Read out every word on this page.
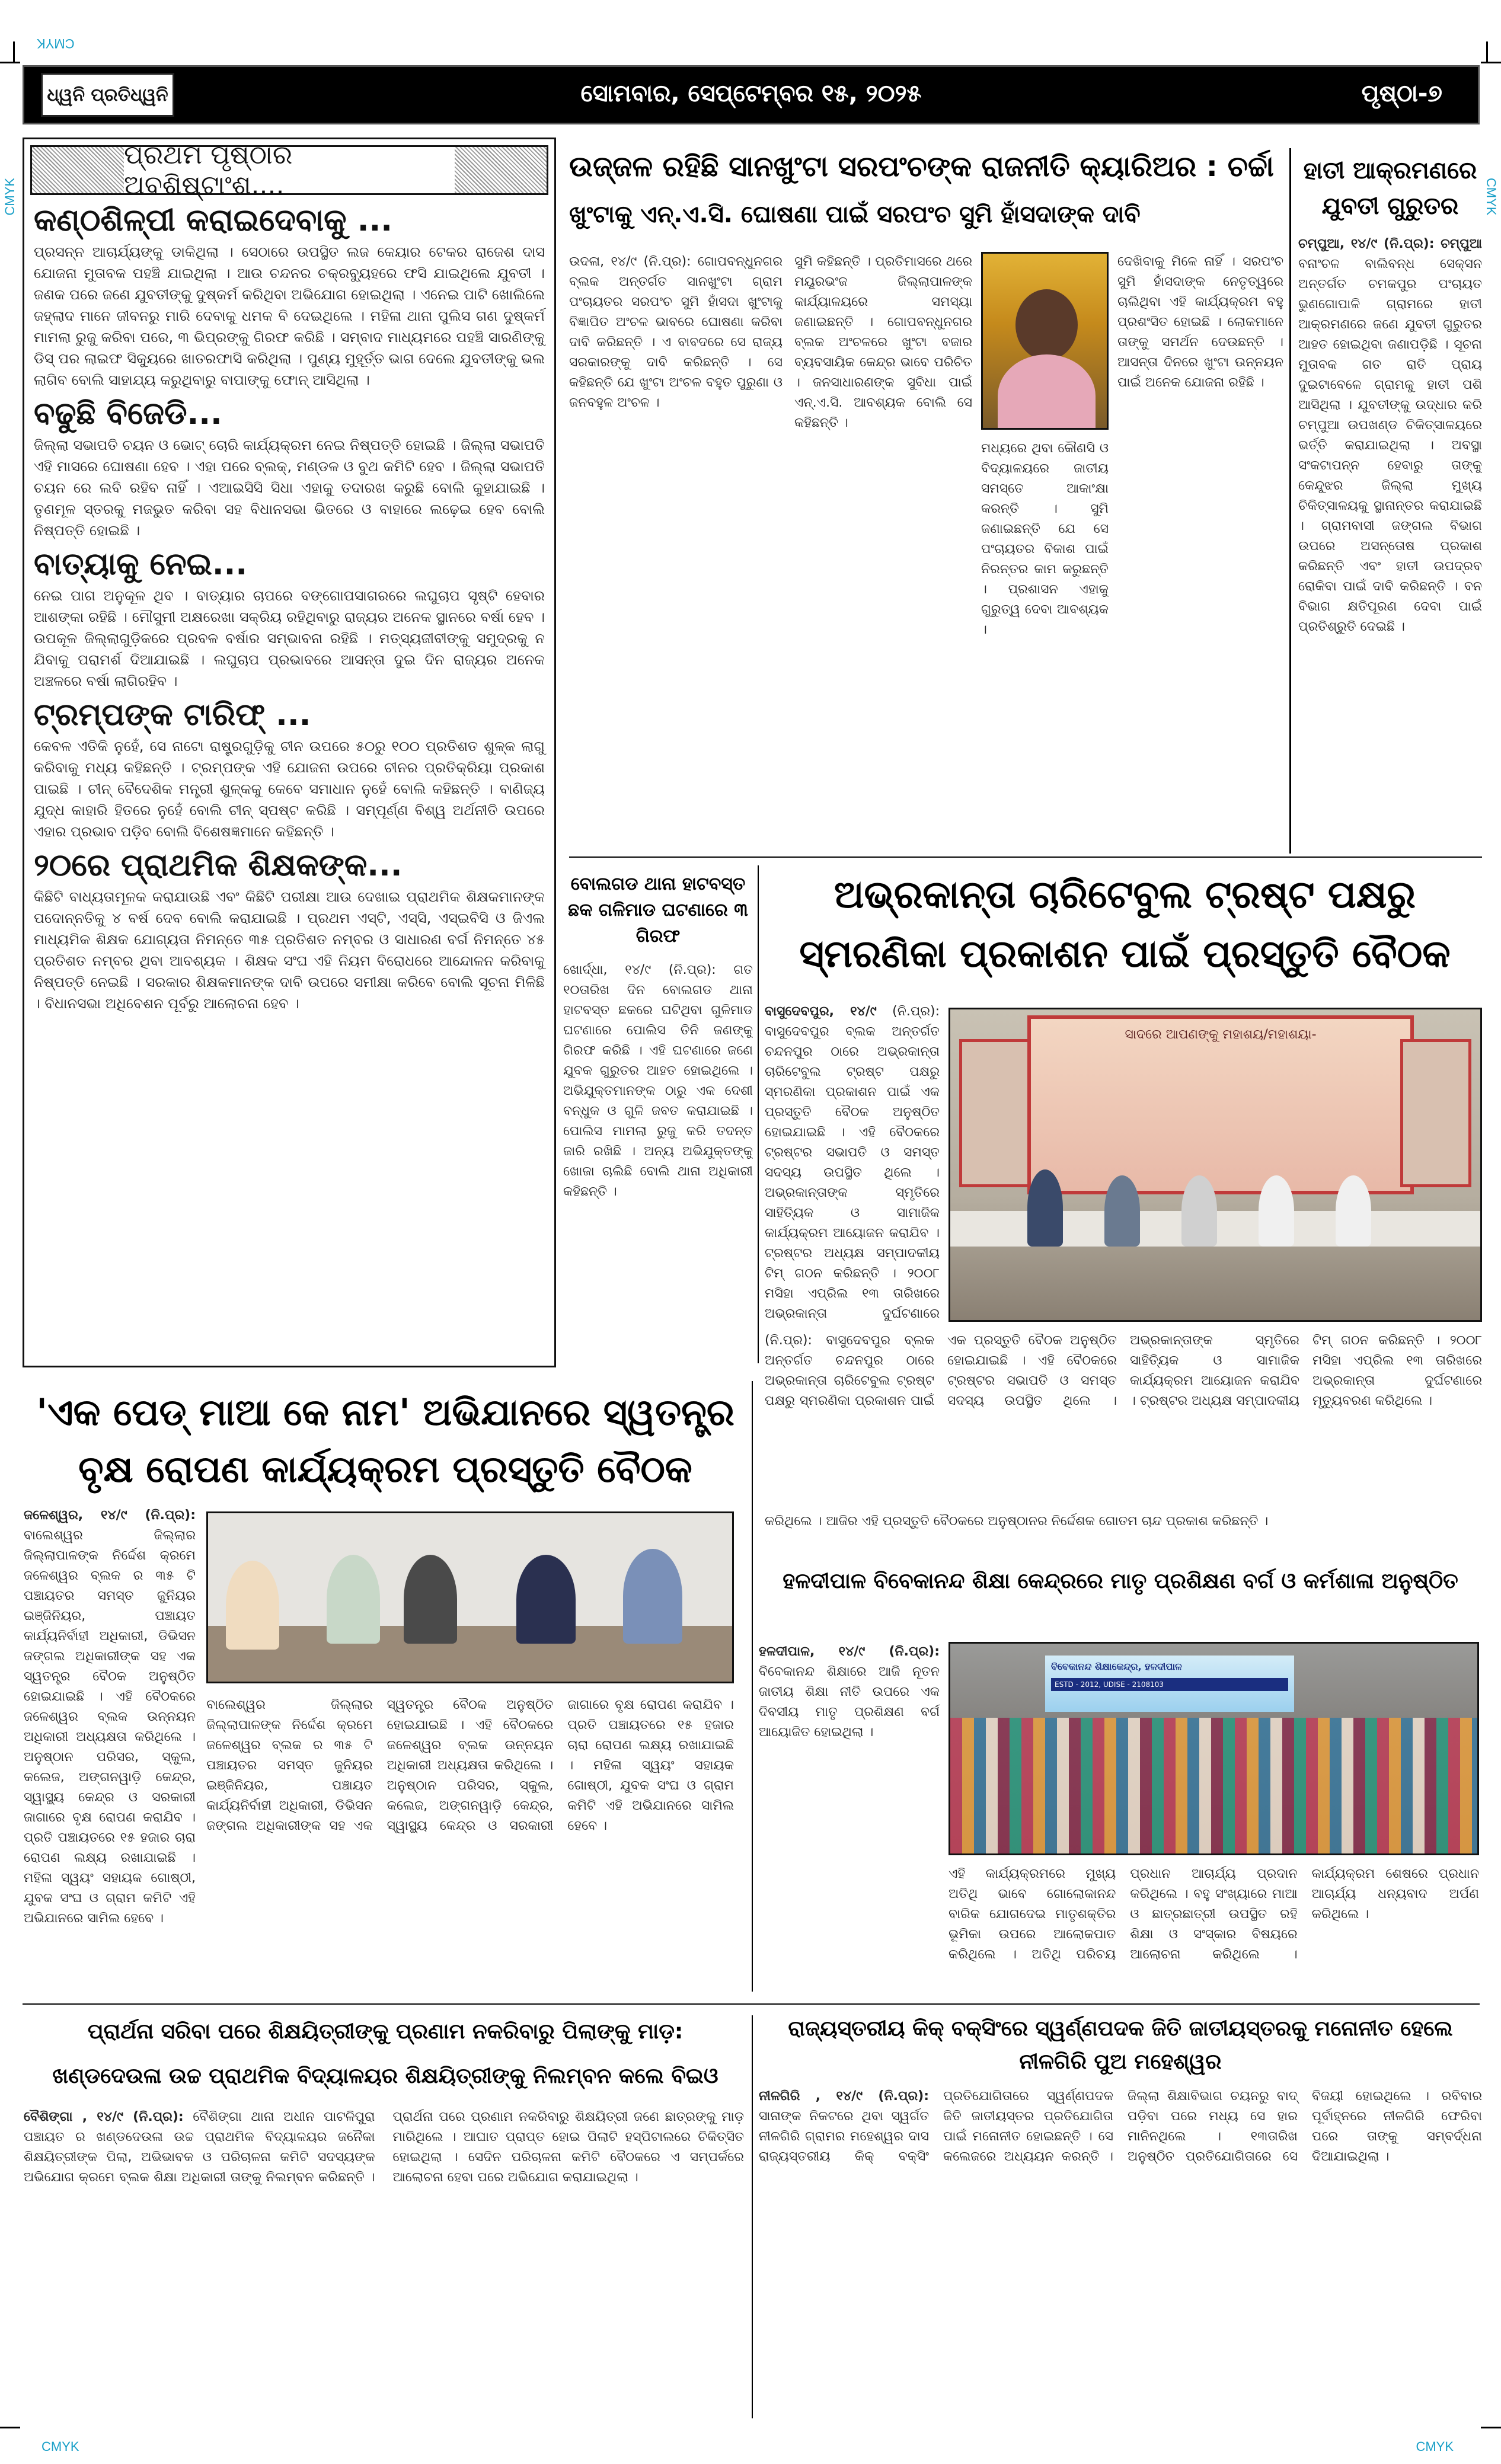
CMYK
CMYK
CMYK
CMYK
CMYK
ଧ୍ୱନି ପ୍ରତିଧ୍ୱନି	ସୋମବାର, ସେପ୍ଟେମ୍ବର ୧୫, ୨୦୨୫	ପୃଷ୍ଠା-୭
ପ୍ରଥମ ପୃଷ୍ଠାର ଅବଶିଷ୍ଟାଂଶ....
କଣ୍ଠଶିଳ୍ପୀ କରାଇଦେବାକୁ ...
ପ୍ରସନ୍ନ ଆଚାର୍ଯ୍ୟଙ୍କୁ ଡାକିଥିଲା । ସେଠାରେ ଉପସ୍ଥିତ ଲଜ କେୟାର ଟେକର ରାଜେଶ ଦାସ ଯୋଜନା ମୁତାବକ ପହଞ୍ଚି ଯାଇଥିଲା । ଆଉ ଚନ୍ଦନର ଚକ୍ରବ୍ୟୁହରେ ଫସି ଯାଇଥିଲେ ଯୁବତୀ । ଜଣକ ପରେ ଜଣେ ଯୁବତୀଙ୍କୁ ଦୁଷ୍କର୍ମ କରିଥିବା ଅଭିଯୋଗ ହୋଇଥିଲା । ଏନେଇ ପାଟି ଖୋଲିଲେ ଜହ୍ଲାଦ ମାନେ ଜୀବନରୁ ମାରି ଦେବାକୁ ଧମକ ବି ଦେଇଥିଲେ । ମହିଳା ଥାନା ପୁଲିସ ଗଣ ଦୁଷ୍କର୍ମ ମାମଲା ରୁଜୁ କରିବା ପରେ, ୩ ଭିପ୍ରଙ୍କୁ ଗିରଫ କରିଛି । ସମ୍ବାଦ ମାଧ୍ୟମରେ ପହଞ୍ଚି ସାରଣିଙ୍କୁ ଡିସ୍ ପର ଲାଇଫ ସିକ୍ୟୁରେ ଖାତରଫାସି କରିଥିଲା । ପୁଣ୍ୟ ମୁହୂର୍ତ୍ତ ଭାଗ ଦେଲେ ଯୁବତୀଙ୍କୁ ଭଲ ଲାଗିବ ବୋଲି ସାହାଯ୍ୟ କରୁଥିବାରୁ ବାପାଙ୍କୁ ଫୋନ୍ ଆସିଥିଲା ।
ବଢୁଛି ବିଜେଡି...
ଜିଲ୍ଲା ସଭାପତି ଚୟନ ଓ ଭୋଟ୍ ଚୋରି କାର୍ଯ୍ୟକ୍ରମ ନେଇ ନିଷ୍ପତ୍ତି ହୋଇଛି । ଜିଲ୍ଲା ସଭାପତି ଏହି ମାସରେ ଘୋଷଣା ହେବ । ଏହା ପରେ ବ୍ଲକ୍, ମଣ୍ଡଳ ଓ ବୁଥ କମିଟି ହେବ । ଜିଲ୍ଲା ସଭାପତି ଚୟନ ରେ ଲବି ରହିବ ନାହିଁ । ଏଆଇସିସି ସିଧା ଏହାକୁ ତଦାରଖ କରୁଛି ବୋଲି କୁହାଯାଇଛି । ତୃଣମୂଳ ସ୍ତରକୁ ମଜଭୁତ କରିବା ସହ ବିଧାନସଭା ଭିତରେ ଓ ବାହାରେ ଲଢ଼େଇ ହେବ ବୋଲି ନିଷ୍ପତ୍ତି ହୋଇଛି ।
ବାତ୍ୟାକୁ ନେଇ...
ନେଇ ପାଗ ଅନୁକୂଳ ଥିବ । ବାତ୍ୟାର ଚାପରେ ବଙ୍ଗୋପସାଗରରେ ଲଘୁଚାପ ସୃଷ୍ଟି ହେବାର ଆଶଙ୍କା ରହିଛି । ମୌସୁମୀ ଅକ୍ଷରେଖା ସକ୍ରିୟ ରହିଥିବାରୁ ରାଜ୍ୟର ଅନେକ ସ୍ଥାନରେ ବର୍ଷା ହେବ । ଉପକୂଳ ଜିଲ୍ଲାଗୁଡ଼ିକରେ ପ୍ରବଳ ବର୍ଷାର ସମ୍ଭାବନା ରହିଛି । ମତ୍ସ୍ୟଜୀବୀଙ୍କୁ ସମୁଦ୍ରକୁ ନ ଯିବାକୁ ପରାମର୍ଶ ଦିଆଯାଇଛି । ଲଘୁଚାପ ପ୍ରଭାବରେ ଆସନ୍ତା ଦୁଇ ଦିନ ରାଜ୍ୟର ଅନେକ ଅଞ୍ଚଳରେ ବର୍ଷା ଲାଗିରହିବ ।
ଟ୍ରମ୍ପଙ୍କ ଟାରିଫ୍ ...
କେବଳ ଏତିକି ନୁହେଁ, ସେ ନାଟୋ ରାଷ୍ଟ୍ରଗୁଡ଼ିକୁ ଚୀନ ଉପରେ ୫୦ରୁ ୧୦୦ ପ୍ରତିଶତ ଶୁଳ୍କ ଲାଗୁ କରିବାକୁ ମଧ୍ୟ କହିଛନ୍ତି । ଟ୍ରମ୍ପଙ୍କ ଏହି ଯୋଜନା ଉପରେ ଚୀନର ପ୍ରତିକ୍ରିୟା ପ୍ରକାଶ ପାଇଛି । ଚୀନ୍ ବୈଦେଶିକ ମନ୍ତ୍ରୀ ଶୁଳ୍କକୁ କେବେ ସମାଧାନ ନୁହେଁ ବୋଲି କହିଛନ୍ତି । ବାଣିଜ୍ୟ ଯୁଦ୍ଧ କାହାରି ହିତରେ ନୁହେଁ ବୋଲି ଚୀନ୍ ସ୍ପଷ୍ଟ କରିଛି । ସମ୍ପୂର୍ଣ୍ଣ ବିଶ୍ୱ ଅର୍ଥନୀତି ଉପରେ ଏହାର ପ୍ରଭାବ ପଡ଼ିବ ବୋଲି ବିଶେଷଜ୍ଞମାନେ କହିଛନ୍ତି ।
୨୦ରେ ପ୍ରାଥମିକ ଶିକ୍ଷକଙ୍କ...
କିଛିଟି ବାଧ୍ୟତାମୂଳକ କରାଯାଉଛି ଏବଂ କିଛିଟି ପରୀକ୍ଷା ଆଉ ଦେଖାଇ ପ୍ରାଥମିକ ଶିକ୍ଷକମାନଙ୍କ ପଦୋନ୍ନତିକୁ ୪ ବର୍ଷ ଦେବ ବୋଲି କରାଯାଇଛି । ପ୍ରଥମ ଏସ୍‌ଟି, ଏସ୍‌ସି, ଏସ୍‌ଇବିସି ଓ ଜିଏଲ ମାଧ୍ୟମିକ ଶିକ୍ଷକ ଯୋଗ୍ୟତା ନିମନ୍ତେ ୩୫ ପ୍ରତିଶତ ନମ୍ବର ଓ ସାଧାରଣ ବର୍ଗ ନିମନ୍ତେ ୪୫ ପ୍ରତିଶତ ନମ୍ବର ଥିବା ଆବଶ୍ୟକ । ଶିକ୍ଷକ ସଂଘ ଏହି ନିୟମ ବିରୋଧରେ ଆନ୍ଦୋଳନ କରିବାକୁ ନିଷ୍ପତ୍ତି ନେଇଛି । ସରକାର ଶିକ୍ଷକମାନଙ୍କ ଦାବି ଉପରେ ସମୀକ୍ଷା କରିବେ ବୋଲି ସୂଚନା ମିଳିଛି । ବିଧାନସଭା ଅଧିବେଶନ ପୂର୍ବରୁ ଆଲୋଚନା ହେବ ।
ଉଜ୍ଜଳ ରହିଛି ସାନଖୁଂଟା ସରପଂଚଙ୍କ ରାଜନୀତି କ୍ୟାରିଅର : ଚର୍ଚ୍ଚା
ଖୁଂଟାକୁ ଏନ୍.ଏ.ସି. ଘୋଷଣା ପାଇଁ ସରପଂଚ ସୁମି ହାଁସଦାଙ୍କ ଦାବି
ଉଦଳା, ୧୪/୯ (ନି.ପ୍ର): ଗୋପବନ୍ଧୁନଗର ବ୍ଲକ ଅନ୍ତର୍ଗତ ସାନଖୁଂଟା ଗ୍ରାମ ପଂଚାୟତର ସରପଂଚ ସୁମି ହାଁସଦା ଖୁଂଟାକୁ ବିଜ୍ଞାପିତ ଅଂଚଳ ଭାବରେ ଘୋଷଣା କରିବା ଦାବି କରିଛନ୍ତି । ଏ ବାବଦରେ ସେ ରାଜ୍ୟ ସରକାରଙ୍କୁ ଦାବି କରିଛନ୍ତି । ସେ କହିଛନ୍ତି ଯେ ଖୁଂଟା ଅଂଚଳ ବହୁତ ପୁରୁଣା ଓ ଜନବହୁଳ ଅଂଚଳ ।
ସୁମି କହିଛନ୍ତି । ପ୍ରତିମାସରେ ଥରେ ମୟୂରଭଂଜ ଜିଲ୍ଲାପାଳଙ୍କ କାର୍ଯ୍ୟାଳୟରେ ସମସ୍ୟା ଜଣାଇଛନ୍ତି । ଗୋପବନ୍ଧୁନଗର ବ୍ଲକ ଅଂଚଳରେ ଖୁଂଟା ବଜାର ବ୍ୟବସାୟିକ କେନ୍ଦ୍ର ଭାବେ ପରିଚିତ । ଜନସାଧାରଣଙ୍କ ସୁବିଧା ପାଇଁ ଏନ୍.ଏ.ସି. ଆବଶ୍ୟକ ବୋଲି ସେ କହିଛନ୍ତି ।
ମଧ୍ୟରେ ଥିବା କୌଣସି ଓ ବିଦ୍ୟାଳୟରେ ଜାତୀୟ ସମସ୍ତେ ଆକାଂକ୍ଷା କରନ୍ତି । ସୁମି ଜଣାଇଛନ୍ତି ଯେ ସେ ପଂଚାୟତର ବିକାଶ ପାଇଁ ନିରନ୍ତର କାମ କରୁଛନ୍ତି । ପ୍ରଶାସନ ଏହାକୁ ଗୁରୁତ୍ୱ ଦେବା ଆବଶ୍ୟକ ।
ଦେଖିବାକୁ ମିଳେ ନାହିଁ । ସରପଂଚ ସୁମି ହାଁସଦାଙ୍କ ନେତୃତ୍ୱରେ ଚାଲିଥିବା ଏହି କାର୍ଯ୍ୟକ୍ରମ ବହୁ ପ୍ରଶଂସିତ ହୋଇଛି । ଲୋକମାନେ ତାଙ୍କୁ ସମର୍ଥନ ଦେଉଛନ୍ତି । ଆସନ୍ତା ଦିନରେ ଖୁଂଟା ଉନ୍ନୟନ ପାଇଁ ଅନେକ ଯୋଜନା ରହିଛି ।
ହାତୀ ଆକ୍ରମଣରେ ଯୁବତୀ ଗୁରୁତର
ଚମ୍ପୁଆ, ୧୪/୯ (ନି.ପ୍ର): ଚମ୍ପୁଆ ବନାଂଚଳ ବାଲିବନ୍ଧ ସେକ୍ସନ ଅନ୍ତର୍ଗତ ଚମକପୁର ପଂଚାୟତ ଭୁଣଗୋପାଳି ଗ୍ରାମରେ ହାତୀ ଆକ୍ରମଣରେ ଜଣେ ଯୁବତୀ ଗୁରୁତର ଆହତ ହୋଇଥିବା ଜଣାପଡ଼ିଛି । ସୂଚନା ମୁତାବକ ଗତ ରାତି ପ୍ରାୟ ଦୁଇଟାବେଳେ ଗ୍ରାମକୁ ହାତୀ ପଶି ଆସିଥିଲା । ଯୁବତୀଙ୍କୁ ଉଦ୍ଧାର କରି ଚମ୍ପୁଆ ଉପଖଣ୍ଡ ଚିକିତ୍ସାଳୟରେ ଭର୍ତ୍ତି କରାଯାଇଥିଲା । ଅବସ୍ଥା ସଂକଟାପନ୍ନ ହେବାରୁ ତାଙ୍କୁ କେନ୍ଦୁଝର ଜିଲ୍ଲା ମୁଖ୍ୟ ଚିକିତ୍ସାଳୟକୁ ସ୍ଥାନାନ୍ତର କରାଯାଇଛି । ଗ୍ରାମବାସୀ ଜଙ୍ଗଲ ବିଭାଗ ଉପରେ ଅସନ୍ତୋଷ ପ୍ରକାଶ କରିଛନ୍ତି ଏବଂ ହାତୀ ଉପଦ୍ରବ ରୋକିବା ପାଇଁ ଦାବି କରିଛନ୍ତି । ବନ ବିଭାଗ କ୍ଷତିପୂରଣ ଦେବା ପାଇଁ ପ୍ରତିଶ୍ରୁତି ଦେଇଛି ।
ବୋଲଗଡ ଥାନା ହାଟବସ୍ତ ଛକ ଗଳିମାଡ ଘଟଣାରେ ୩ ଗିରଫ
ଖୋର୍ଦ୍ଧା, ୧୪/୯ (ନି.ପ୍ର): ଗତ ୧୦ତାରିଖ ଦିନ ବୋଲଗଡ ଥାନା ହାଟବସ୍ତ ଛକରେ ଘଟିଥିବା ଗୁଳିମାଡ ଘଟଣାରେ ପୋଲିସ ତିନି ଜଣଙ୍କୁ ଗିରଫ କରିଛି । ଏହି ଘଟଣାରେ ଜଣେ ଯୁବକ ଗୁରୁତର ଆହତ ହୋଇଥିଲେ । ଅଭିଯୁକ୍ତମାନଙ୍କ ଠାରୁ ଏକ ଦେଶୀ ବନ୍ଧୁକ ଓ ଗୁଳି ଜବତ କରାଯାଇଛି । ପୋଲିସ ମାମଲା ରୁଜୁ କରି ତଦନ୍ତ ଜାରି ରଖିଛି । ଅନ୍ୟ ଅଭିଯୁକ୍ତଙ୍କୁ ଖୋଜା ଚାଲିଛି ବୋଲି ଥାନା ଅଧିକାରୀ କହିଛନ୍ତି ।
ଅଭ୍ରକାନ୍ତା ଚାରିଟେବୁଲ ଟ୍ରଷ୍ଟ ପକ୍ଷରୁ ସ୍ମରଣିକା ପ୍ରକାଶନ ପାଇଁ ପ୍ରସ୍ତୁତି ବୈଠକ
ବାସୁଦେବପୁର, ୧୪/୯ (ନି.ପ୍ର): ବାସୁଦେବପୁର ବ୍ଲକ ଅନ୍ତର୍ଗତ ଚନ୍ଦନପୁର ଠାରେ ଅଭ୍ରକାନ୍ତା ଚାରିଟେବୁଲ ଟ୍ରଷ୍ଟ ପକ୍ଷରୁ ସ୍ମରଣିକା ପ୍ରକାଶନ ପାଇଁ ଏକ ପ୍ରସ୍ତୁତି ବୈଠକ ଅନୁଷ୍ଠିତ ହୋଇଯାଇଛି । ଏହି ବୈଠକରେ ଟ୍ରଷ୍ଟର ସଭାପତି ଓ ସମସ୍ତ ସଦସ୍ୟ ଉପସ୍ଥିତ ଥିଲେ । ଅଭ୍ରକାନ୍ତାଙ୍କ ସ୍ମୃତିରେ ସାହିତ୍ୟିକ ଓ ସାମାଜିକ କାର୍ଯ୍ୟକ୍ରମ ଆୟୋଜନ କରାଯିବ । ଟ୍ରଷ୍ଟର ଅଧ୍ୟକ୍ଷ ସମ୍ପାଦକୀୟ ଟିମ୍ ଗଠନ କରିଛନ୍ତି । ୨୦୦୮ ମସିହା ଏପ୍ରିଲ ୧୩ ତାରିଖରେ ଅଭ୍ରକାନ୍ତା ଦୁର୍ଘଟଣାରେ
ସାଦରେ ଆପଣଙ୍କୁ ମହାଶୟ/ମହାଶୟା-
(ନି.ପ୍ର): ବାସୁଦେବପୁର ବ୍ଲକ ଅନ୍ତର୍ଗତ ଚନ୍ଦନପୁର ଠାରେ ଅଭ୍ରକାନ୍ତା ଚାରିଟେବୁଲ ଟ୍ରଷ୍ଟ ପକ୍ଷରୁ ସ୍ମରଣିକା ପ୍ରକାଶନ ପାଇଁ ଏକ ପ୍ରସ୍ତୁତି ବୈଠକ ଅନୁଷ୍ଠିତ ହୋଇଯାଇଛି । ଏହି ବୈଠକରେ ଟ୍ରଷ୍ଟର ସଭାପତି ଓ ସମସ୍ତ ସଦସ୍ୟ ଉପସ୍ଥିତ ଥିଲେ । ଅଭ୍ରକାନ୍ତାଙ୍କ ସ୍ମୃତିରେ ସାହିତ୍ୟିକ ଓ ସାମାଜିକ କାର୍ଯ୍ୟକ୍ରମ ଆୟୋଜନ କରାଯିବ । ଟ୍ରଷ୍ଟର ଅଧ୍ୟକ୍ଷ ସମ୍ପାଦକୀୟ ଟିମ୍ ଗଠନ କରିଛନ୍ତି । ୨୦୦୮ ମସିହା ଏପ୍ରିଲ ୧୩ ତାରିଖରେ ଅଭ୍ରକାନ୍ତା ଦୁର୍ଘଟଣାରେ ମୃତ୍ୟୁବରଣ କରିଥିଲେ ।
କରିଥିଲେ । ଆଜିର ଏହି ପ୍ରସ୍ତୁତି ବୈଠକରେ ଅନୁଷ୍ଠାନର ନିର୍ଦ୍ଦେଶକ ଗୋତମ ଚାନ୍ଦ ପ୍ରକାଶ କରିଛନ୍ତି ।
'ଏକ ପେଡ୍ ମାଆ କେ ନାମ' ଅଭିଯାନରେ ସ୍ୱତନ୍ତ୍ର ବୃକ୍ଷ ରୋପଣ କାର୍ଯ୍ୟକ୍ରମ ପ୍ରସ୍ତୁତି ବୈଠକ
ଜଳେଶ୍ୱର, ୧୪/୯ (ନି.ପ୍ର): ବାଲେଶ୍ୱର ଜିଲ୍ଲାର ଜିଲ୍ଲାପାଳଙ୍କ ନିର୍ଦ୍ଦେଶ କ୍ରମେ ଜଳେଶ୍ୱର ବ୍ଲକ ର ୩୫ ଟି ପଞ୍ଚାୟତର ସମସ୍ତ ଜୁନିୟର ଇଞ୍ଜିନିୟର, ପଞ୍ଚାୟତ କାର୍ଯ୍ୟନିର୍ବାହୀ ଅଧିକାରୀ, ଡିଭିସନ ଜଙ୍ଗଲ ଅଧିକାରୀଙ୍କ ସହ ଏକ ସ୍ୱତନ୍ତ୍ର ବୈଠକ ଅନୁଷ୍ଠିତ ହୋଇଯାଇଛି । ଏହି ବୈଠକରେ ଜଳେଶ୍ୱର ବ୍ଲକ ଉନ୍ନୟନ ଅଧିକାରୀ ଅଧ୍ୟକ୍ଷତା କରିଥିଲେ । ଅନୁଷ୍ଠାନ ପରିସର, ସ୍କୁଲ, କଲେଜ, ଅଙ୍ଗନୱାଡ଼ି କେନ୍ଦ୍ର, ସ୍ୱାସ୍ଥ୍ୟ କେନ୍ଦ୍ର ଓ ସରକାରୀ ଜାଗାରେ ବୃକ୍ଷ ରୋପଣ କରାଯିବ । ପ୍ରତି ପଞ୍ଚାୟତରେ ୧୫ ହଜାର ଚାରା ରୋପଣ ଲକ୍ଷ୍ୟ ରଖାଯାଇଛି । ମହିଳା ସ୍ୱୟଂ ସହାୟକ ଗୋଷ୍ଠୀ, ଯୁବକ ସଂଘ ଓ ଗ୍ରାମ କମିଟି ଏହି ଅଭିଯାନରେ ସାମିଲ ହେବେ ।
ବାଲେଶ୍ୱର ଜିଲ୍ଲାର ଜିଲ୍ଲାପାଳଙ୍କ ନିର୍ଦ୍ଦେଶ କ୍ରମେ ଜଳେଶ୍ୱର ବ୍ଲକ ର ୩୫ ଟି ପଞ୍ଚାୟତର ସମସ୍ତ ଜୁନିୟର ଇଞ୍ଜିନିୟର, ପଞ୍ଚାୟତ କାର୍ଯ୍ୟନିର୍ବାହୀ ଅଧିକାରୀ, ଡିଭିସନ ଜଙ୍ଗଲ ଅଧିକାରୀଙ୍କ ସହ ଏକ ସ୍ୱତନ୍ତ୍ର ବୈଠକ ଅନୁଷ୍ଠିତ ହୋଇଯାଇଛି । ଏହି ବୈଠକରେ ଜଳେଶ୍ୱର ବ୍ଲକ ଉନ୍ନୟନ ଅଧିକାରୀ ଅଧ୍ୟକ୍ଷତା କରିଥିଲେ । ଅନୁଷ୍ଠାନ ପରିସର, ସ୍କୁଲ, କଲେଜ, ଅଙ୍ଗନୱାଡ଼ି କେନ୍ଦ୍ର, ସ୍ୱାସ୍ଥ୍ୟ କେନ୍ଦ୍ର ଓ ସରକାରୀ ଜାଗାରେ ବୃକ୍ଷ ରୋପଣ କରାଯିବ । ପ୍ରତି ପଞ୍ଚାୟତରେ ୧୫ ହଜାର ଚାରା ରୋପଣ ଲକ୍ଷ୍ୟ ରଖାଯାଇଛି । ମହିଳା ସ୍ୱୟଂ ସହାୟକ ଗୋଷ୍ଠୀ, ଯୁବକ ସଂଘ ଓ ଗ୍ରାମ କମିଟି ଏହି ଅଭିଯାନରେ ସାମିଲ ହେବେ ।
ହଳଦୀପାଳ ବିବେକାନନ୍ଦ ଶିକ୍ଷା କେନ୍ଦ୍ରରେ ମାତୃ ପ୍ରଶିକ୍ଷଣ ବର୍ଗ ଓ କର୍ମଶାଳା ଅନୁଷ୍ଠିତ
ହଳଦୀପାଳ, ୧୪/୯ (ନି.ପ୍ର): ବିବେକାନନ୍ଦ ଶିକ୍ଷାରେ ଆଜି ନୂତନ ଜାତୀୟ ଶିକ୍ଷା ନୀତି ଉପରେ ଏକ ଦିବସୀୟ ମାତୃ ପ୍ରଶିକ୍ଷଣ ବର୍ଗ ଆୟୋଜିତ ହୋଇଥିଲା ।
ବିବେକାନନ୍ଦ ଶିକ୍ଷାକେନ୍ଦ୍ର, ହଳଦୀପାଳ
ESTD - 2012, UDISE - 2108103
ଏହି କାର୍ଯ୍ୟକ୍ରମରେ ମୁଖ୍ୟ ଅତିଥି ଭାବେ ଗୋଲୋକାନନ୍ଦ ବାରିକ ଯୋଗଦେଇ ମାତୃଶକ୍ତିର ଭୂମିକା ଉପରେ ଆଲୋକପାତ କରିଥିଲେ । ଅତିଥି ପରିଚୟ ପ୍ରଧାନ ଆଚାର୍ଯ୍ୟ ପ୍ରଦାନ କରିଥିଲେ । ବହୁ ସଂଖ୍ୟାରେ ମାଆ ଓ ଛାତ୍ରଛାତ୍ରୀ ଉପସ୍ଥିତ ରହି ଶିକ୍ଷା ଓ ସଂସ୍କାର ବିଷୟରେ ଆଲୋଚନା କରିଥିଲେ । କାର୍ଯ୍ୟକ୍ରମ ଶେଷରେ ପ୍ରଧାନ ଆଚାର୍ଯ୍ୟ ଧନ୍ୟବାଦ ଅର୍ପଣ କରିଥିଲେ ।
ପ୍ରାର୍ଥନା ସରିବା ପରେ ଶିକ୍ଷୟିତ୍ରୀଙ୍କୁ ପ୍ରଣାମ ନକରିବାରୁ ପିଲାଙ୍କୁ ମାଡ଼:
ଖଣ୍ଡଦେଉଳା ଉଚ୍ଚ ପ୍ରାଥମିକ ବିଦ୍ୟାଳୟର ଶିକ୍ଷୟିତ୍ରୀଙ୍କୁ ନିଲମ୍ବନ କଲେ ବିଇଓ
ବୈଶିଙ୍ଗା , ୧୪/୯ (ନି.ପ୍ର): ବୈଶିଙ୍ଗା ଥାନା ଅଧୀନ ପାଟଳିପୁରା ପଞ୍ଚାୟତ ର ଖଣ୍ଡଦେଉଳା ଉଚ୍ଚ ପ୍ରାଥମିକ ବିଦ୍ୟାଳୟର ଜନୈକା ଶିକ୍ଷୟିତ୍ରୀଙ୍କ ପିଲା, ଅଭିଭାବକ ଓ ପରିଚାଳନା କମିଟି ସଦସ୍ୟଙ୍କ ଅଭିଯୋଗ କ୍ରମେ ବ୍ଲକ ଶିକ୍ଷା ଅଧିକାରୀ ତାଙ୍କୁ ନିଲମ୍ବନ କରିଛନ୍ତି । ପ୍ରାର୍ଥନା ପରେ ପ୍ରଣାମ ନକରିବାରୁ ଶିକ୍ଷୟିତ୍ରୀ ଜଣେ ଛାତ୍ରଙ୍କୁ ମାଡ଼ ମାରିଥିଲେ । ଆଘାତ ପ୍ରାପ୍ତ ହୋଇ ପିଲାଟି ହସ୍ପିଟାଲରେ ଚିକିତ୍ସିତ ହୋଇଥିଲା । ସେଦିନ ପରିଚାଳନା କମିଟି ବୈଠକରେ ଏ ସମ୍ପର୍କରେ ଆଲୋଚନା ହେବା ପରେ ଅଭିଯୋଗ କରାଯାଇଥିଲା ।
ରାଜ୍ୟସ୍ତରୀୟ କିକ୍ ବକ୍ସିଂରେ ସ୍ୱର୍ଣ୍ଣପଦକ ଜିତି ଜାତୀୟସ୍ତରକୁ ମନୋନୀତ ହେଲେ ନୀଳଗିରି ପୁଅ ମହେଶ୍ୱର
ନୀଳଗିରି , ୧୪/୯ (ନି.ପ୍ର): ସାନାଙ୍କ ନିକଟରେ ଥିବା ସ୍ୱର୍ଗତ ନୀଳଗିରି ଗ୍ରାମର ମହେଶ୍ୱର ଦାସ ରାଜ୍ୟସ୍ତରୀୟ କିକ୍ ବକ୍ସିଂ ପ୍ରତିଯୋଗିତାରେ ସ୍ୱର୍ଣ୍ଣପଦକ ଜିତି ଜାତୀୟସ୍ତର ପ୍ରତିଯୋଗିତା ପାଇଁ ମନୋନୀତ ହୋଇଛନ୍ତି । ସେ କଲେଜରେ ଅଧ୍ୟୟନ କରନ୍ତି । ଜିଲ୍ଲା ଶିକ୍ଷାବିଭାଗ ଚୟନରୁ ବାଦ୍ ପଡ଼ିବା ପରେ ମଧ୍ୟ ସେ ହାର ମାନିନଥିଲେ । ୧୩ତାରିଖ ଅନୁଷ୍ଠିତ ପ୍ରତିଯୋଗିତାରେ ସେ ବିଜୟୀ ହୋଇଥିଲେ । ରବିବାର ପୂର୍ବାହ୍ନରେ ନୀଳଗିରି ଫେରିବା ପରେ ତାଙ୍କୁ ସମ୍ବର୍ଦ୍ଧନା ଦିଆଯାଇଥିଲା ।
